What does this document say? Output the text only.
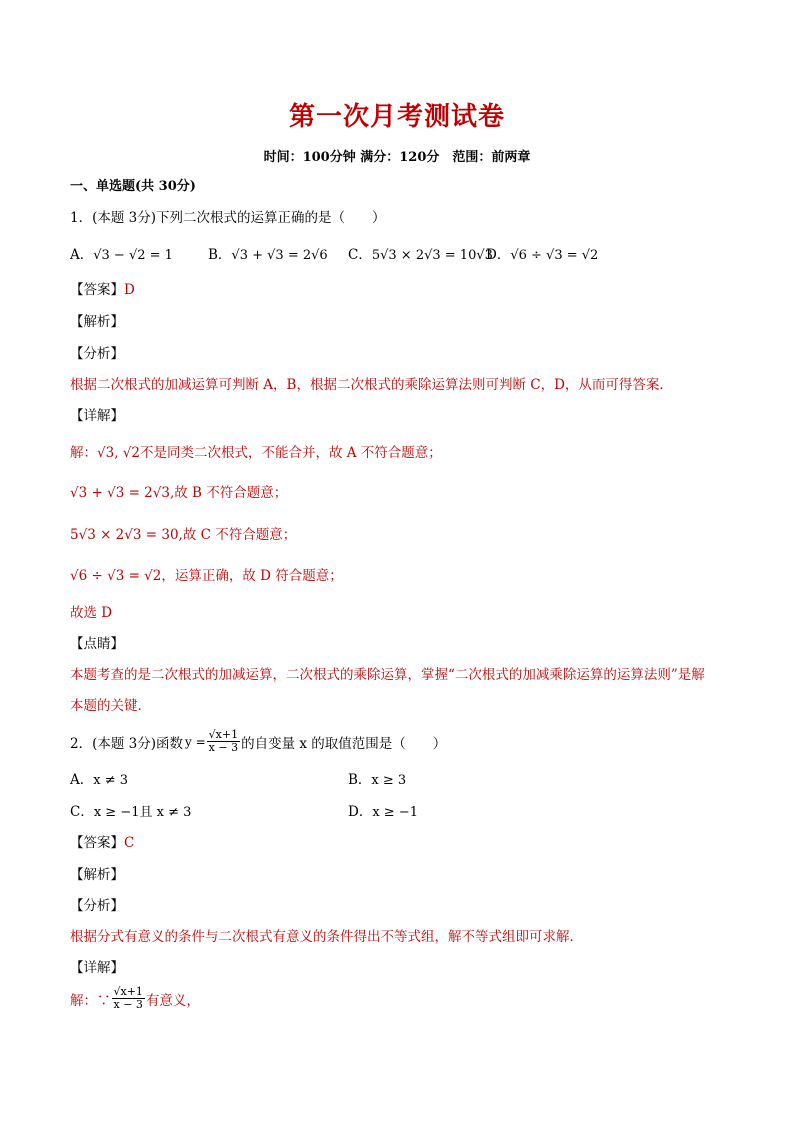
第一次月考测试卷
时间：100分钟 满分：120分　范围：前两章
一、单选题(共 30分)
1．(本题 3分)下列二次根式的运算正确的是（　　）
A．√3 − √2 = 1	B．√3 + √3 = 2√6 C．5√3 × 2√3 = 10√3
D．√6 ÷ √3 = √2
【答案】D
【解析】
【分析】
根据二次根式的加减运算可判断 A，B，根据二次根式的乘除运算法则可判断 C，D，从而可得答案．
【详解】
解：√3, √2不是同类二次根式，不能合并，故 A 不符合题意；
√3 + √3 = 2√3,故 B 不符合题意；
5√3 × 2√3 = 30,故 C 不符合题意；
√6 ÷ √3 = √2，运算正确，故 D 符合题意；
故选 D
【点睛】
本题考查的是二次根式的加减运算，二次根式的乘除运算，掌握“二次根式的加减乘除运算的运算法则”是解
本题的关键．
2．(本题 3分)函数 $y = \frac{√x+1}{x - 3}$ 的自变量 x 的取值范围是（　　）
A．x ≠ 3	B．x ≥ 3
C．x ≥ −1且 x ≠ 3	D．x ≥ −1
【答案】C
【解析】
【分析】
根据分式有意义的条件与二次根式有意义的条件得出不等式组，解不等式组即可求解．
【详解】
解：∵ $\frac{√x+1}{x - 3}$ 有意义，
